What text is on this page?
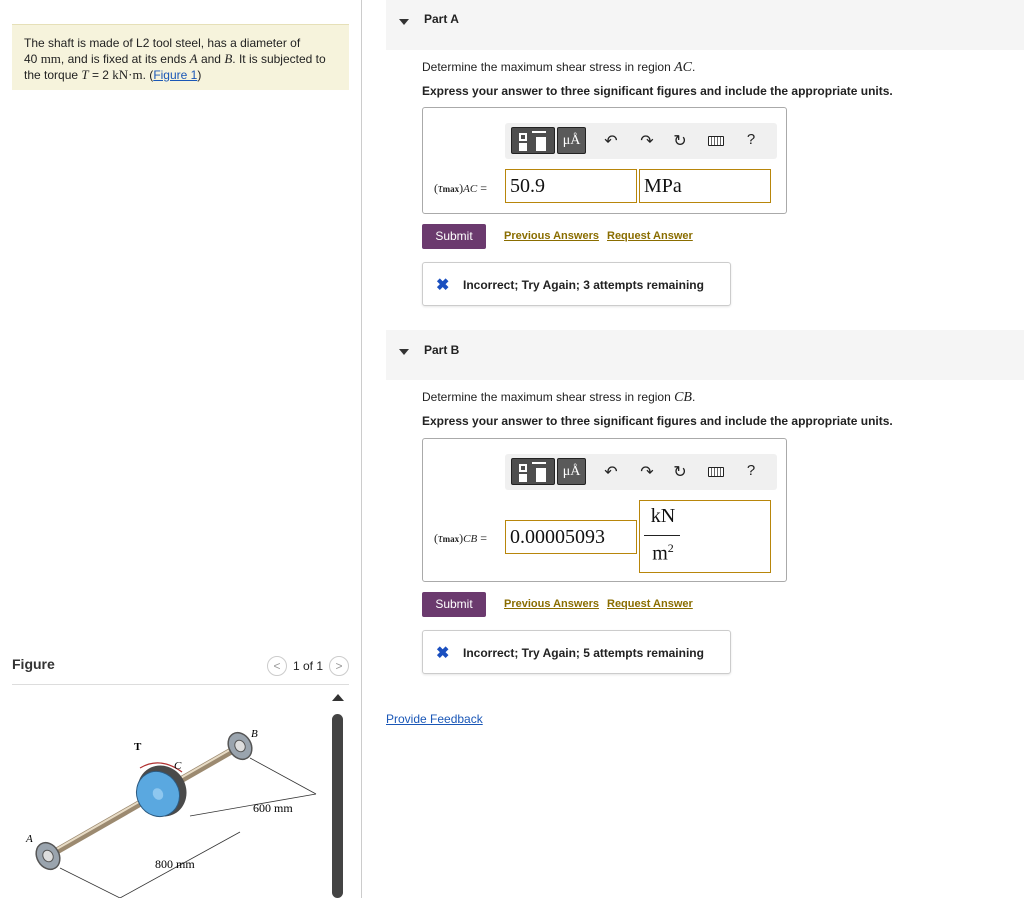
The shaft is made of L2 tool steel, has a diameter of
40 mm, and is fixed at its ends A and B. It is subjected to
the torque T = 2 kN·m. (Figure 1)
Figure	< 1 of 1 >
T
C
B
A
600 mm
800 mm
Part A
Determine the maximum shear stress in region AC.
Express your answer to three significant figures and include the appropriate units.
μÅ	↶ ↷ ↻	?
(τmax)AC = 50.9	MPa
Submit	Previous Answers Request Answer
✖ Incorrect; Try Again; 3 attempts remaining
Part B
Determine the maximum shear stress in region CB.
Express your answer to three significant figures and include the appropriate units.
μÅ	↶ ↷ ↻	?
(τmax)CB = 0.00005093
kN
$m^2$
Submit	Previous Answers Request Answer
✖ Incorrect; Try Again; 5 attempts remaining
Provide Feedback
